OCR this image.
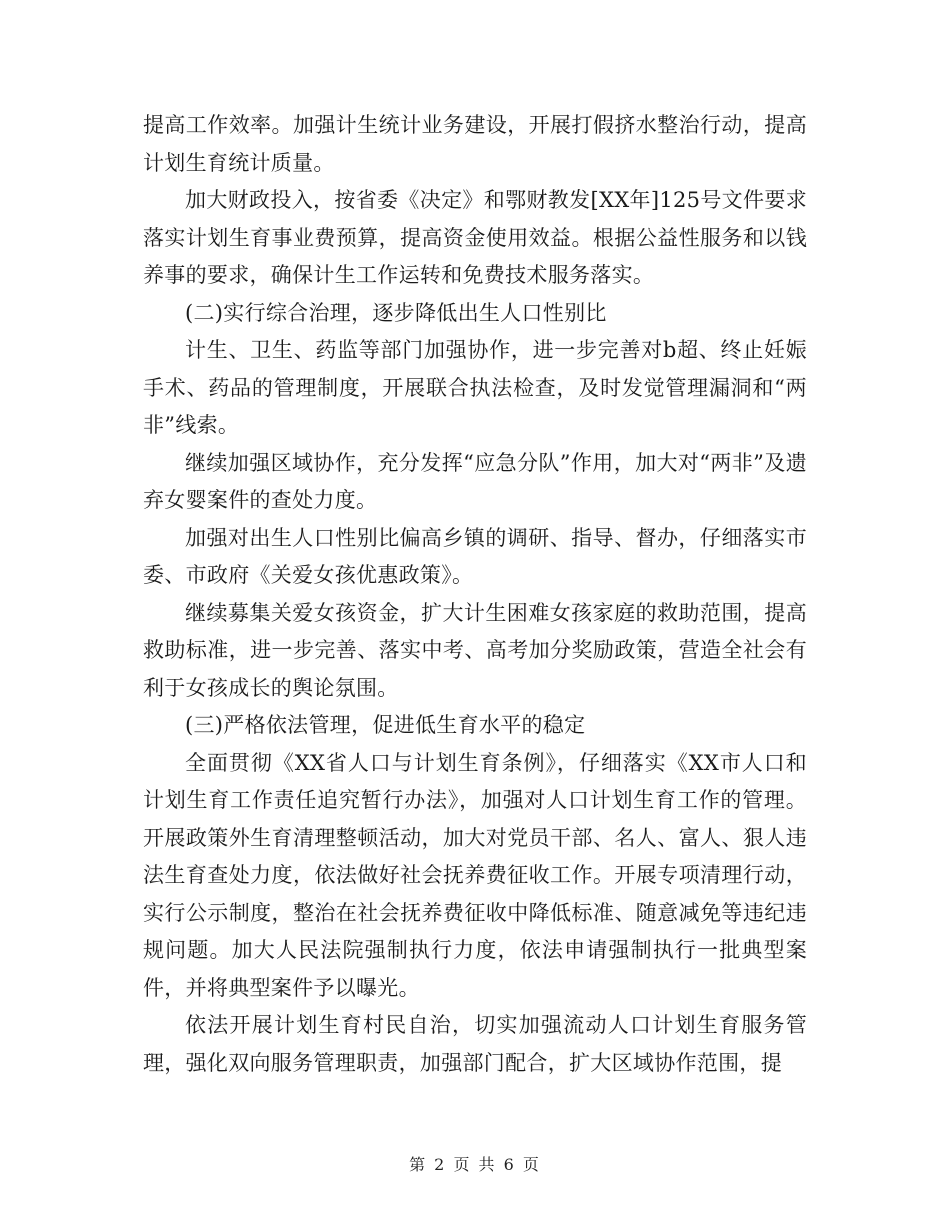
提高工作效率。加强计生统计业务建设，开展打假挤水整治行动，提高计划生育统计质量。

加大财政投入，按省委《决定》和鄂财教发[XX年]125号文件要求落实计划生育事业费预算，提高资金使用效益。根据公益性服务和以钱养事的要求，确保计生工作运转和免费技术服务落实。

(二)实行综合治理，逐步降低出生人口性别比

计生、卫生、药监等部门加强协作，进一步完善对b超、终止妊娠手术、药品的管理制度，开展联合执法检查，及时发觉管理漏洞和“两非”线索。

继续加强区域协作，充分发挥“应急分队”作用，加大对“两非”及遗弃女婴案件的查处力度。

加强对出生人口性别比偏高乡镇的调研、指导、督办，仔细落实市委、市政府《关爱女孩优惠政策》。

继续募集关爱女孩资金，扩大计生困难女孩家庭的救助范围，提高救助标准，进一步完善、落实中考、高考加分奖励政策，营造全社会有利于女孩成长的舆论氛围。

(三)严格依法管理，促进低生育水平的稳定

全面贯彻《XX省人口与计划生育条例》，仔细落实《XX市人口和计划生育工作责任追究暂行办法》，加强对人口计划生育工作的管理。开展政策外生育清理整顿活动，加大对党员干部、名人、富人、狠人违法生育查处力度，依法做好社会抚养费征收工作。开展专项清理行动，实行公示制度，整治在社会抚养费征收中降低标准、随意减免等违纪违规问题。加大人民法院强制执行力度，依法申请强制执行一批典型案件，并将典型案件予以曝光。

依法开展计划生育村民自治，切实加强流动人口计划生育服务管理，强化双向服务管理职责，加强部门配合，扩大区域协作范围，提

第 2 页 共 6 页
